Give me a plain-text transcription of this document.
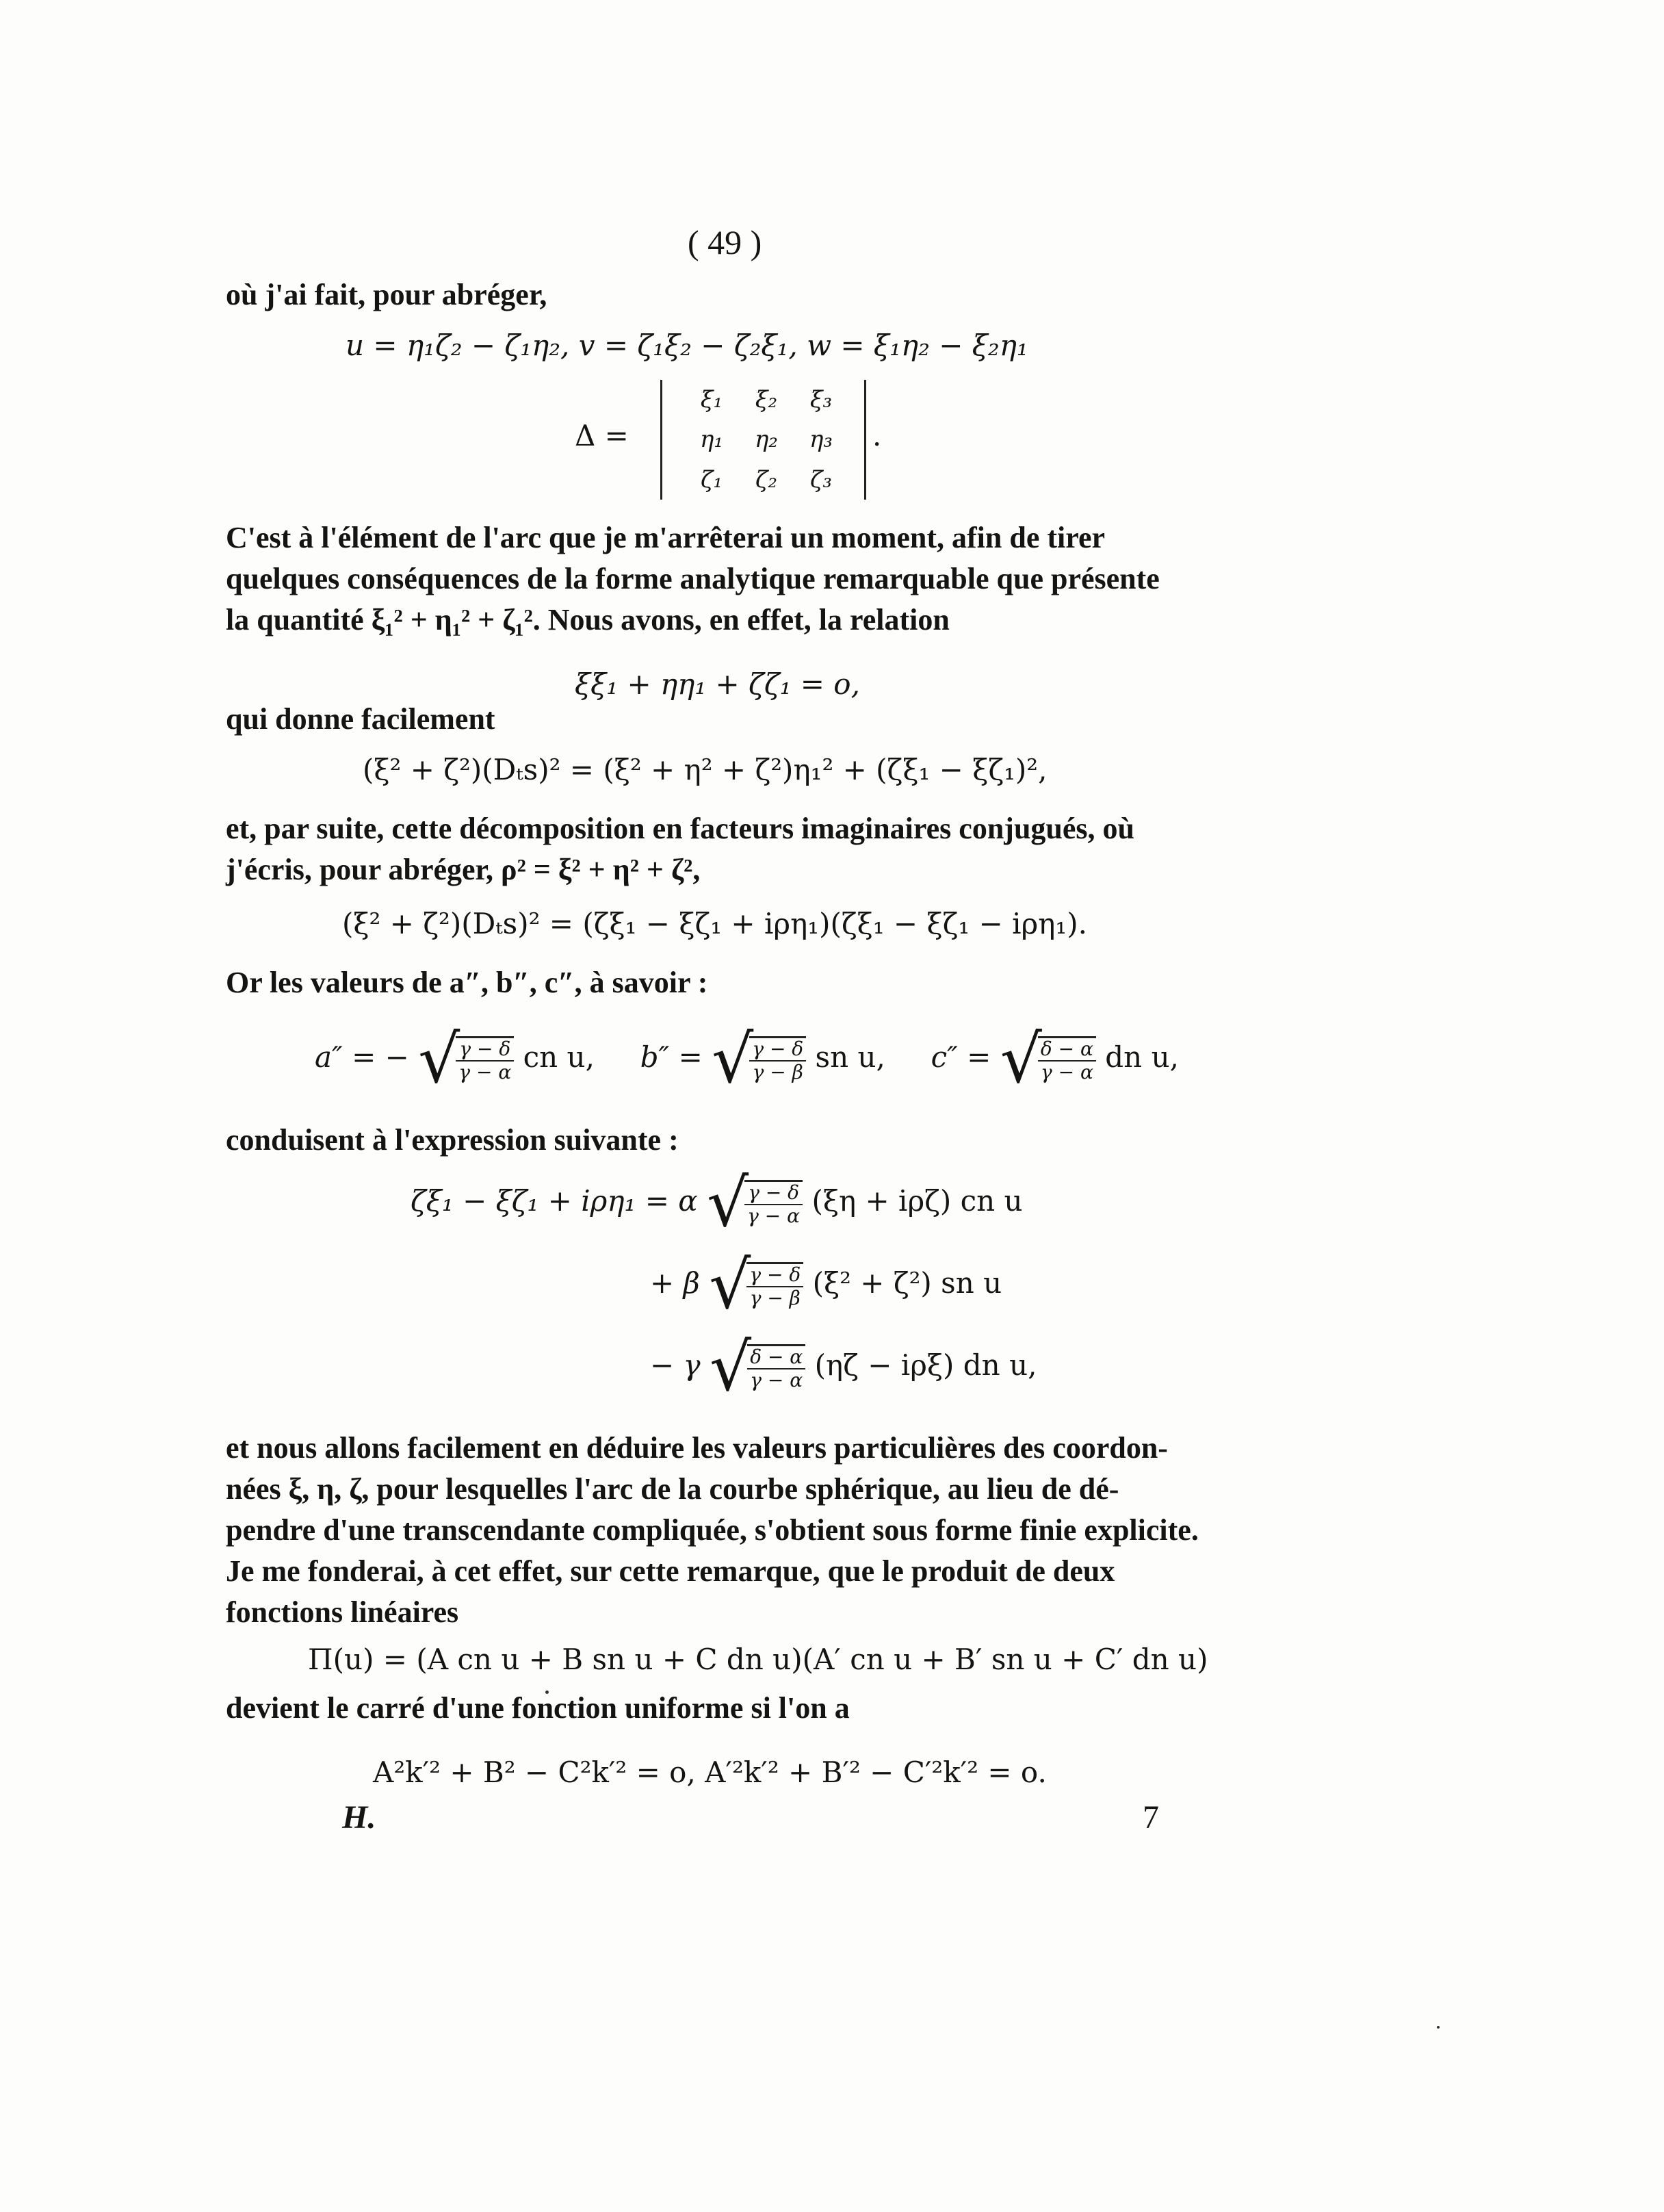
( 49 )
où j'ai fait, pour abréger,
u = η₁ζ₂ − ζ₁η₂, v = ζ₁ξ₂ − ζ₂ξ₁, w = ξ₁η₂ − ξ₂η₁
Δ =
ξ₁	ξ₂	ξ₃
η₁	η₂	η₃
ζ₁	ζ₂	ζ₃
.
C'est à l'élément de l'arc que je m'arrêterai un moment, afin de tirer
quelques conséquences de la forme analytique remarquable que présente
la quantité ξ₁² + η₁² + ζ₁². Nous avons, en effet, la relation
ξξ₁ + ηη₁ + ζζ₁ = o,
qui donne facilement
(ξ² + ζ²)(Dₜs)² = (ξ² + η² + ζ²)η₁² + (ζξ₁ − ξζ₁)²,
et, par suite, cette décomposition en facteurs imaginaires conjugués, où
j'écris, pour abréger, ρ² = ξ² + η² + ζ²,
(ξ² + ζ²)(Dₜs)² = (ζξ₁ − ξζ₁ + iρη₁)(ζξ₁ − ξζ₁ − iρη₁).
Or les valeurs de a″, b″, c″, à savoir :
a″ = − √
$\frac{\gamma - \delta}{\gamma - \alpha}$ cn u, b″ = √
$\frac{\gamma - \delta}{\gamma - \beta}$ sn u, c″ = √
$\frac{\delta - \alpha}{\gamma - \alpha}$ dn u,
conduisent à l'expression suivante :
ζξ₁ − ξζ₁ + iρη₁ = α √
$\frac{\gamma - \delta}{\gamma - \alpha} (\xi\eta + i\rho\zeta)$ cn u
+ β √
$\frac{\gamma - \delta}{\gamma - \beta} (\xi^2 + \zeta^2)$ sn u
− γ √
$\frac{\delta - \alpha}{\gamma - \alpha} (\eta\zeta - i\rho\xi)$ dn u,
et nous allons facilement en déduire les valeurs particulières des coordon-
nées ξ, η, ζ, pour lesquelles l'arc de la courbe sphérique, au lieu de dé-
pendre d'une transcendante compliquée, s'obtient sous forme finie explicite.
Je me fonderai, à cet effet, sur cette remarque, que le produit de deux
fonctions linéaires
Π(u) = (A cn u + B sn u + C dn u)(A′ cn u + B′ sn u + C′ dn u)
devient le carré d'une fonction uniforme si l'on a
A²k′² + B² − C²k′² = o, A′²k′² + B′² − C′²k′² = o.
H.	7
